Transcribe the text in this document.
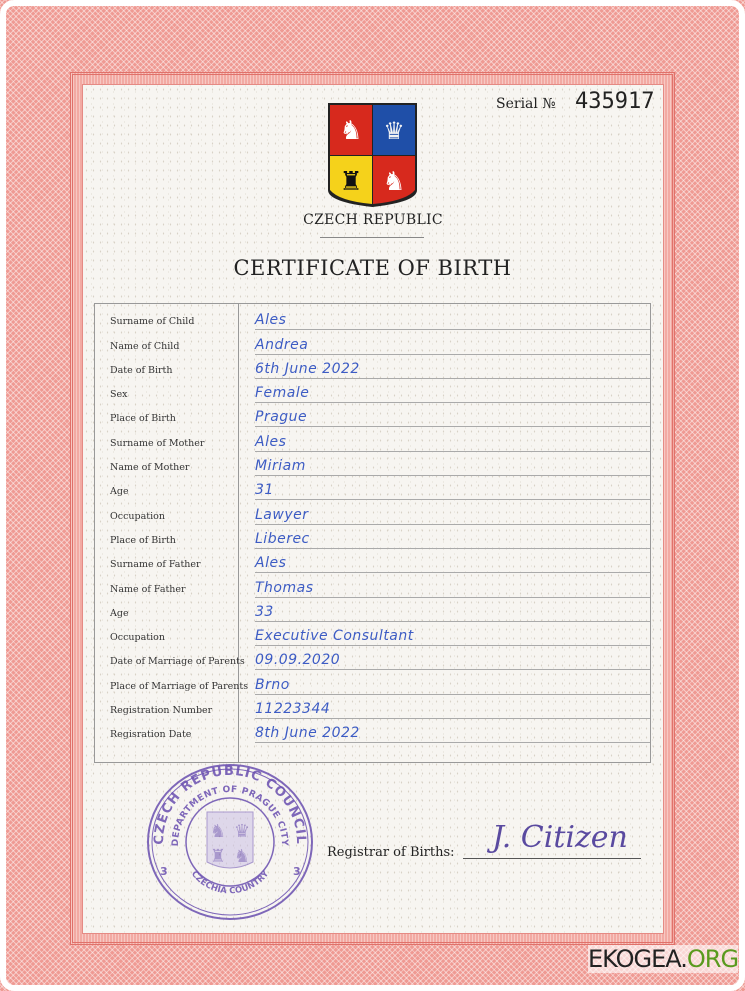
♞ ♛
♜ ♞
CZECH REPUBLIC
Serial № 435917
CERTIFICATE OF BIRTH
Surname of Child	Ales
Name of Child	Andrea
Date of Birth	6th June 2022
Sex	Female
Place of Birth	Prague
Surname of Mother	Ales
Name of Mother	Miriam
Age	31
Occupation	Lawyer
Place of Birth	Liberec
Surname of Father	Ales
Name of Father	Thomas
Age	33
Occupation	Executive Consultant
Date of Marriage of Parents 09.09.2020
Place of Marriage of Parents Brno
Registration Number	11223344
Regisration Date	8th June 2022
CZECH REPUBLIC COUNCIL
DEPARTMENT OF PRAGUE CITY
CZECHIA COUNTRY
3	3
♞ ♛
♜ ♞	Registrar of Births: J. Citizen
EKOGEA.ORG
